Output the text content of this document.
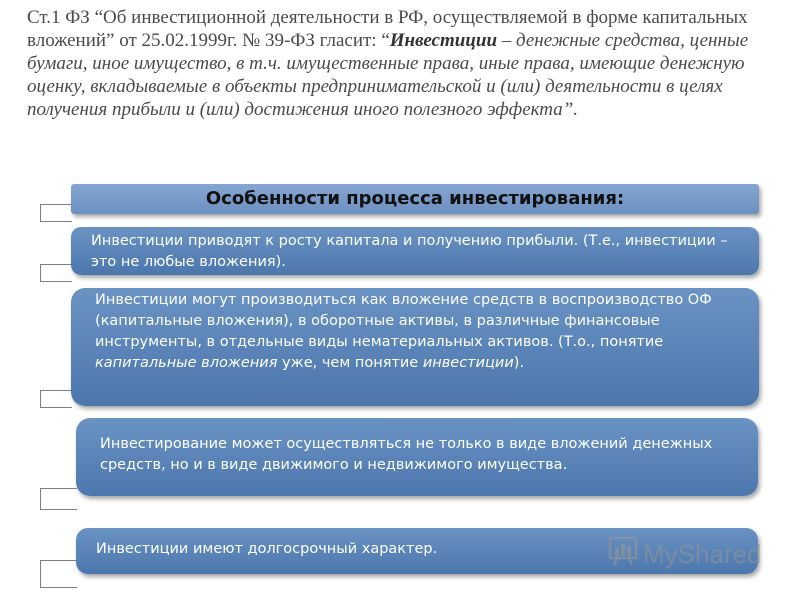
Ст.1 ФЗ “Об инвестиционной деятельности в РФ, осуществляемой в форме капитальных вложений” от 25.02.1999г. № 39-ФЗ гласит: “Инвестиции – денежные средства, ценные бумаги, иное имущество, в т.ч. имущественные права, иные права, имеющие денежную оценку, вкладываемые в объекты предпринимательской и (или) деятельности в целях получения прибыли и (или) достижения иного полезного эффекта”.
Особенности процесса инвестирования:
Инвестиции приводят к росту капитала и получению прибыли. (Т.е., инвестиции – это не любые вложения).
Инвестиции могут производиться как вложение средств в воспроизводство ОФ (капитальные вложения), в оборотные активы, в различные финансовые инструменты, в отдельные виды нематериальных активов. (Т.о., понятие капитальные вложения уже, чем понятие инвестиции).
Инвестирование может осуществляться не только в виде вложений денежных средств, но и в виде движимого и недвижимого имущества.
Инвестиции имеют долгосрочный характер.	MyShared
